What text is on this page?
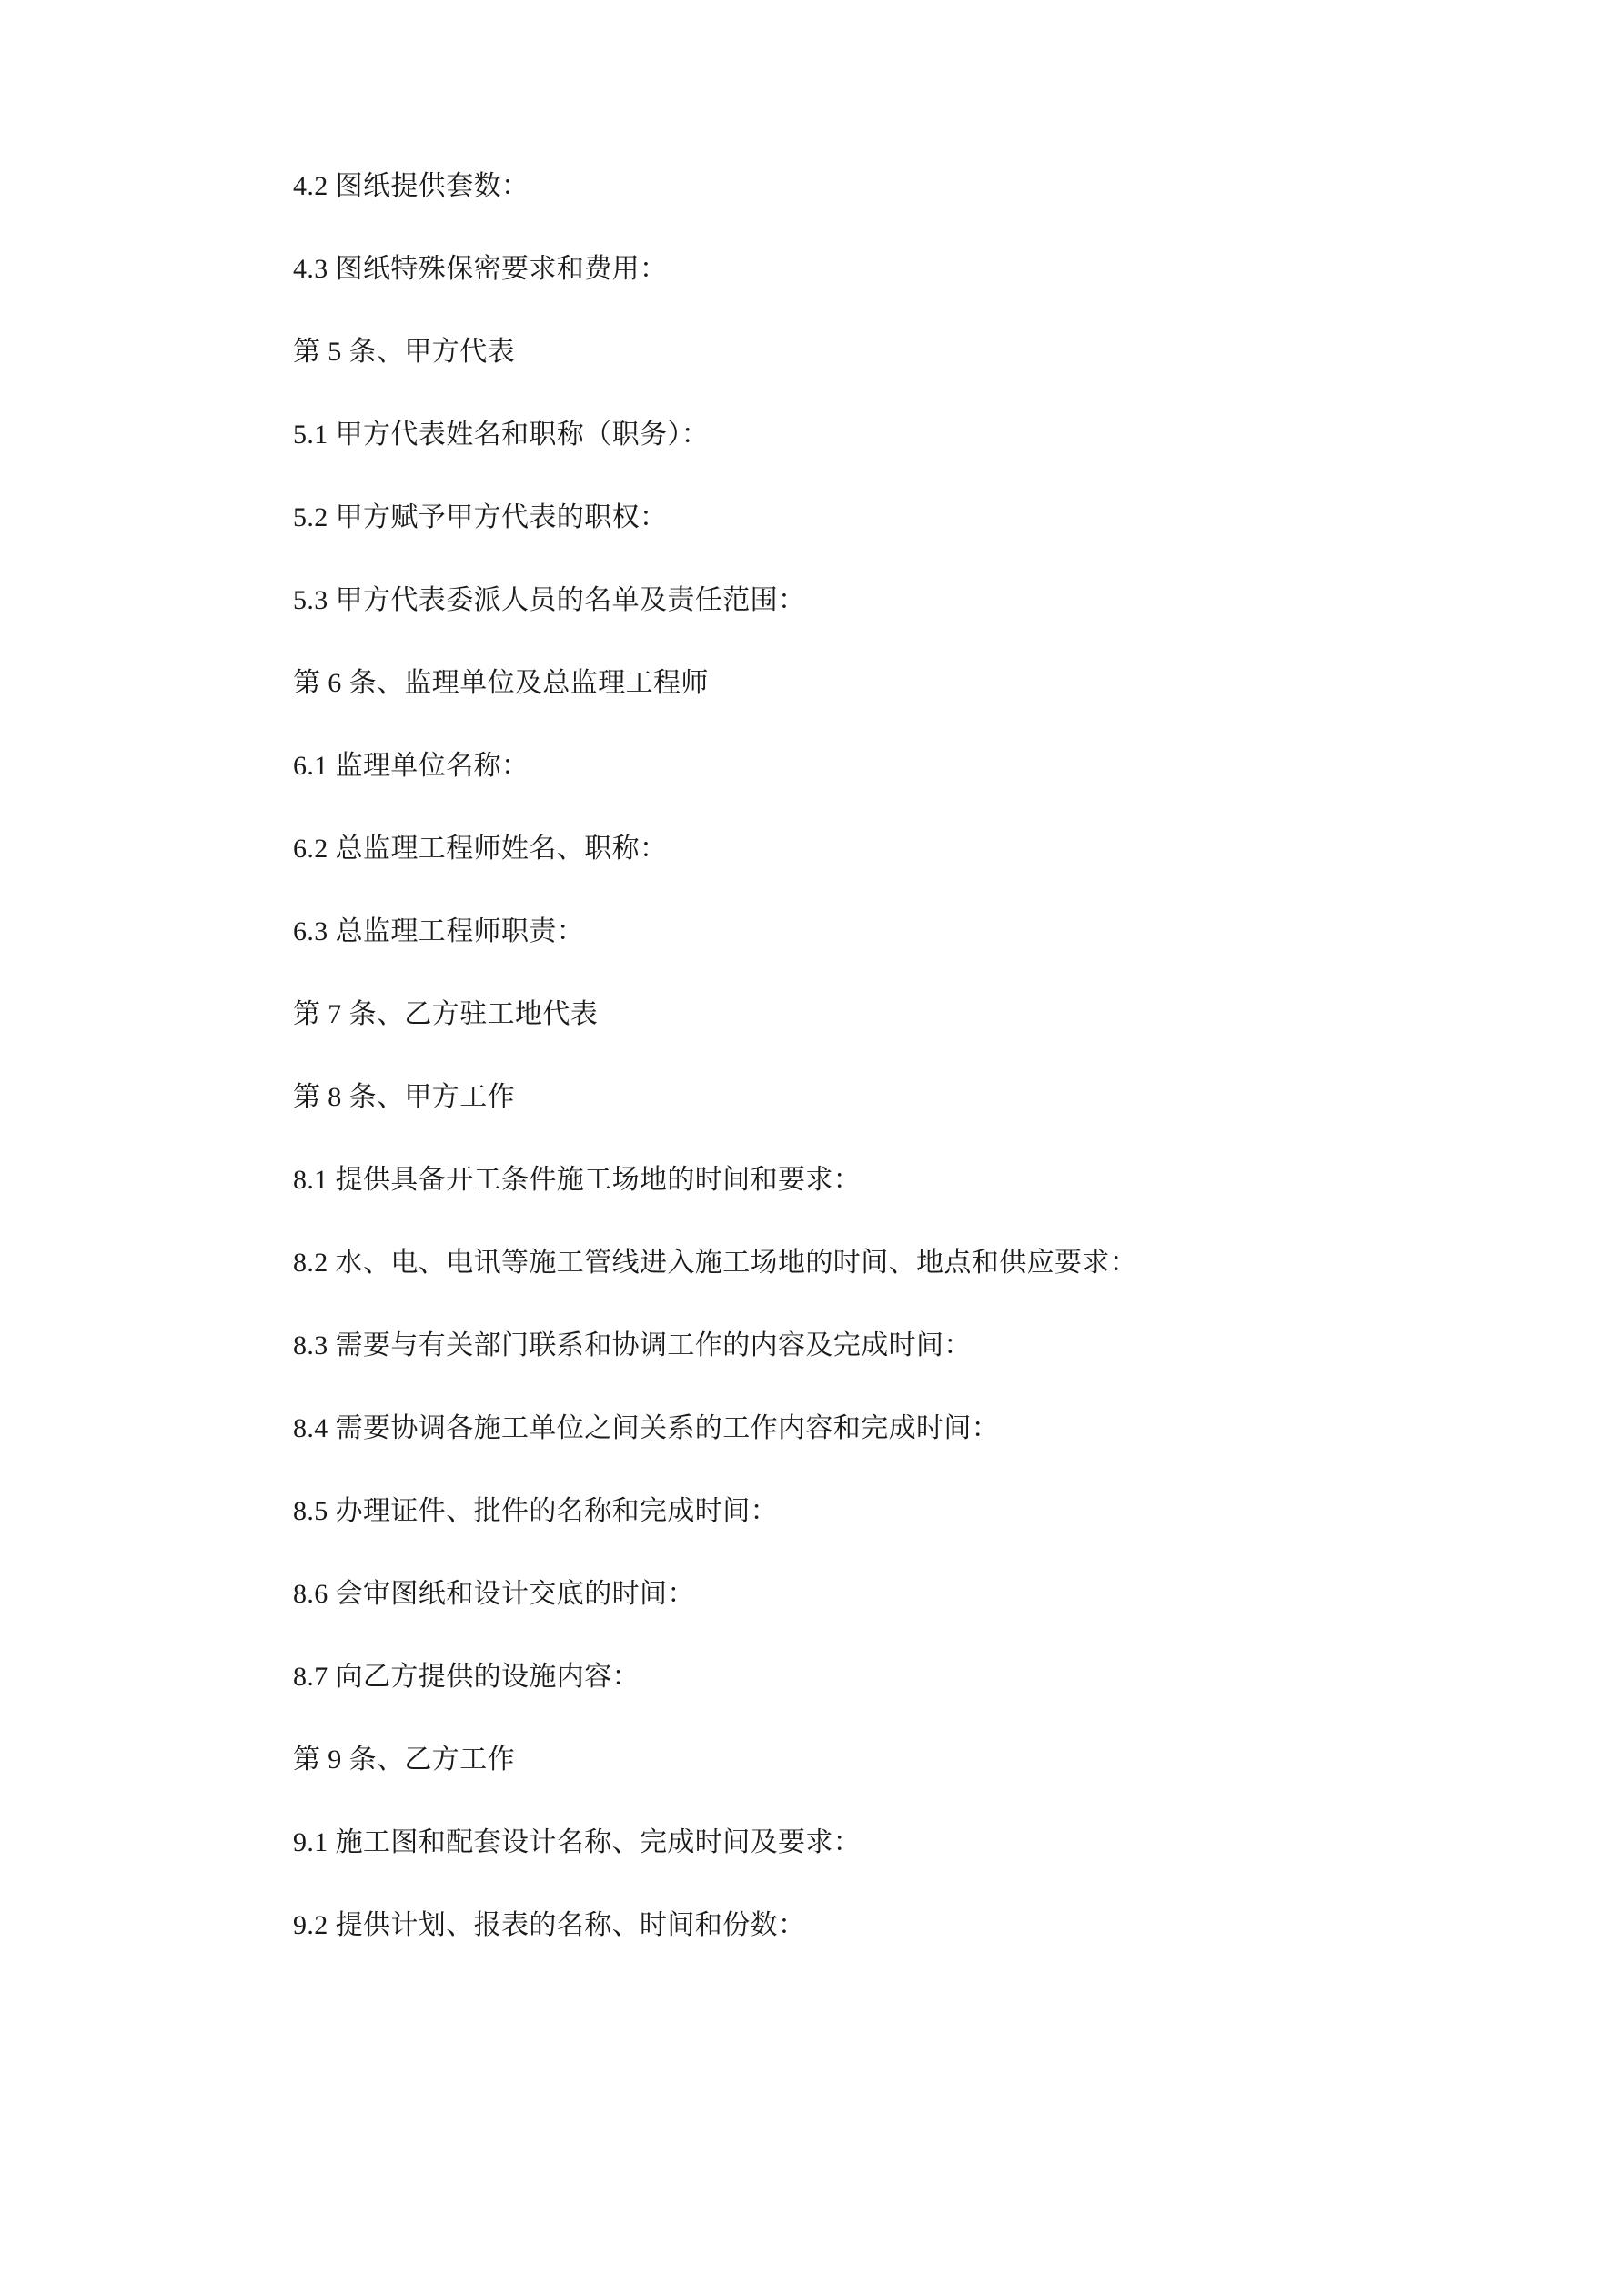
4.2 图纸提供套数：

4.3 图纸特殊保密要求和费用：

第 5 条、甲方代表

5.1 甲方代表姓名和职称（职务）：

5.2 甲方赋予甲方代表的职权：

5.3 甲方代表委派人员的名单及责任范围：

第 6 条、监理单位及总监理工程师

6.1 监理单位名称：

6.2 总监理工程师姓名、职称：

6.3 总监理工程师职责：

第 7 条、乙方驻工地代表

第 8 条、甲方工作

8.1 提供具备开工条件施工场地的时间和要求：

8.2 水、电、电讯等施工管线进入施工场地的时间、地点和供应要求：

8.3 需要与有关部门联系和协调工作的内容及完成时间：

8.4 需要协调各施工单位之间关系的工作内容和完成时间：

8.5 办理证件、批件的名称和完成时间：

8.6 会审图纸和设计交底的时间：

8.7 向乙方提供的设施内容：

第 9 条、乙方工作

9.1 施工图和配套设计名称、完成时间及要求：

9.2 提供计划、报表的名称、时间和份数：
